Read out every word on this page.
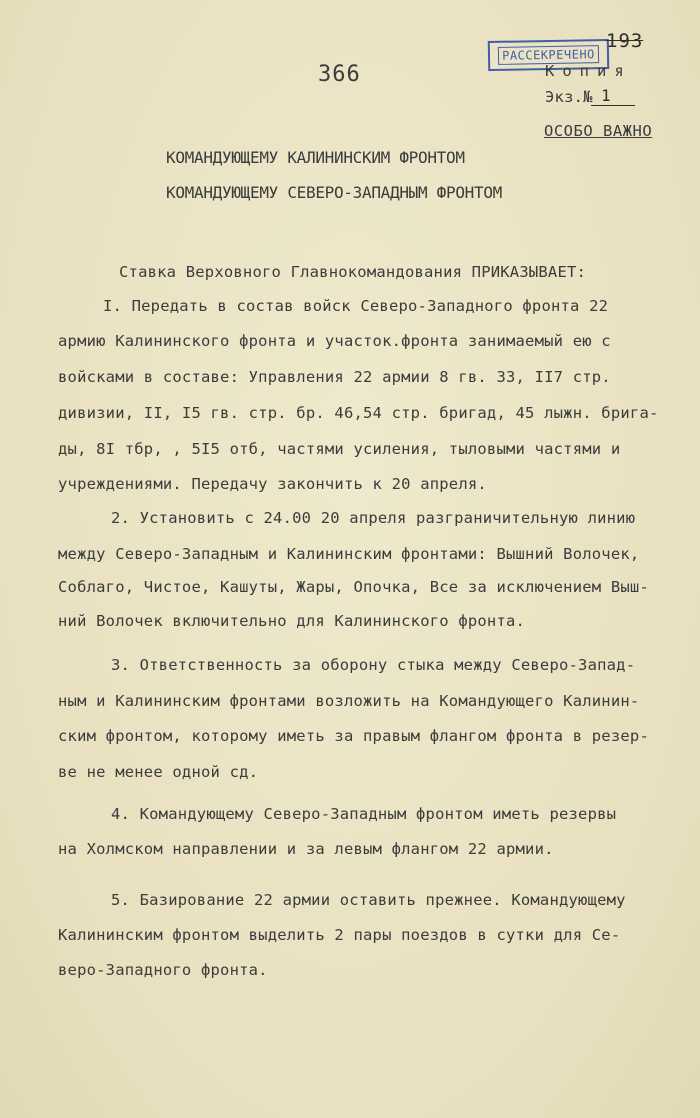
366
РАССЕКРЕЧЕНО
193
Копия
Экз.№ 1
ОСОБО ВАЖНО
КОМАНДУЮЩЕМУ КАЛИНИНСКИМ ФРОНТОМ
КОМАНДУЮЩЕМУ СЕВЕРО-ЗАПАДНЫМ ФРОНТОМ
Ставка Верховного Главнокомандования ПРИКАЗЫВАЕТ:
I. Передать в состав войск Северо-Западного фронта 22
армию Калининского фронта и участок.фронта занимаемый ею с
войсками в составе: Управления 22 армии 8 гв. 33, II7 стр.
дивизии, II, I5 гв. стр. бр. 46,54 стр. бригад, 45 лыжн. брига-
ды, 8I тбр, , 5I5 отб, частями усиления, тыловыми частями и
учреждениями. Передачу закончить к 20 апреля.
2. Установить с 24.00 20 апреля разграничительную линию
между Северо-Западным и Калининским фронтами: Вышний Волочек,
Соблаго, Чистое, Кашуты, Жары, Опочка, Все за исключением Выш-
ний Волочек включительно для Калининского фронта.
3. Ответственность за оборону стыка между Северо-Запад-
ным и Калининским фронтами возложить на Командующего Калинин-
ским фронтом, которому иметь за правым флангом фронта в резер-
ве не менее одной сд.
4. Командующему Северо-Западным фронтом иметь резервы
на Холмском направлении и за левым флангом 22 армии.
5. Базирование 22 армии оставить прежнее. Командующему
Калининским фронтом выделить 2 пары поездов в сутки для Се-
веро-Западного фронта.
